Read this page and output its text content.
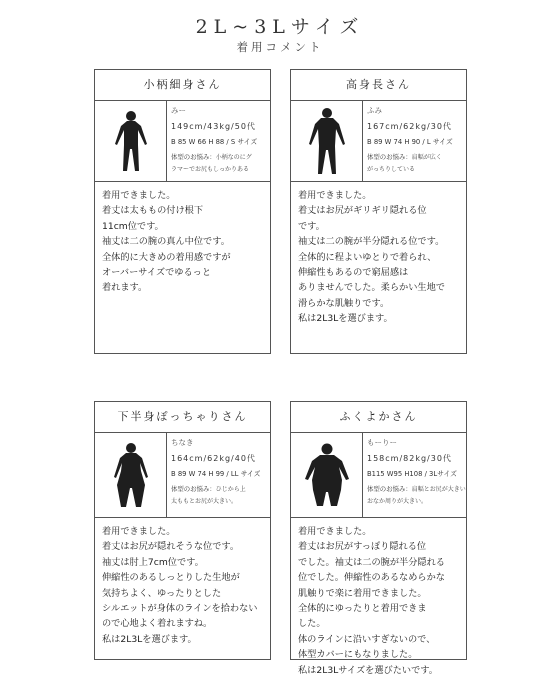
2L~3Lサイズ
着用コメント
小柄細身さん
みー
149cm/43kg/50代
B 85 W 66 H 88 / S サイズ
体型のお悩み：小柄なのにグ
ラマーでお尻もしっかりある
着用できました。
着丈は太ももの付け根下
11cm位です。
袖丈は二の腕の真ん中位です。
全体的に大きめの着用感ですが
オーバーサイズでゆるっと
着れます。
高身長さん
ふみ
167cm/62kg/30代
B 89 W 74 H 90 / L サイズ
体型のお悩み：肩幅が広く
がっちりしている
着用できました。
着丈はお尻がギリギリ隠れる位
です。
袖丈は二の腕が半分隠れる位です。
全体的に程よいゆとりで着られ、
伸縮性もあるので窮屈感は
ありませんでした。柔らかい生地で
滑らかな肌触りです。
私は2L3Lを選びます。
下半身ぽっちゃりさん
ちなき
164cm/62kg/40代
B 89 W 74 H 99 / LL サイズ
体型のお悩み：ひじから上
太ももとお尻が大きい。
着用できました。
着丈はお尻が隠れそうな位です。
袖丈は肘上7cm位です。
伸縮性のあるしっとりした生地が
気持ちよく、ゆったりとした
シルエットが身体のラインを拾わない
ので心地よく着れますね。
私は2L3Lを選びます。
ふくよかさん
もーりー
158cm/82kg/30代
B115 W95 H108 / 3Lサイズ
体型のお悩み：肩幅とお尻が大きい
おなか周りが大きい。
着用できました。
着丈はお尻がすっぽり隠れる位
でした。袖丈は二の腕が半分隠れる
位でした。伸縮性のあるなめらかな
肌触りで楽に着用できました。
全体的にゆったりと着用できま
した。
体のラインに沿いすぎないので、
体型カバーにもなりました。
私は2L3Lサイズを選びたいです。
